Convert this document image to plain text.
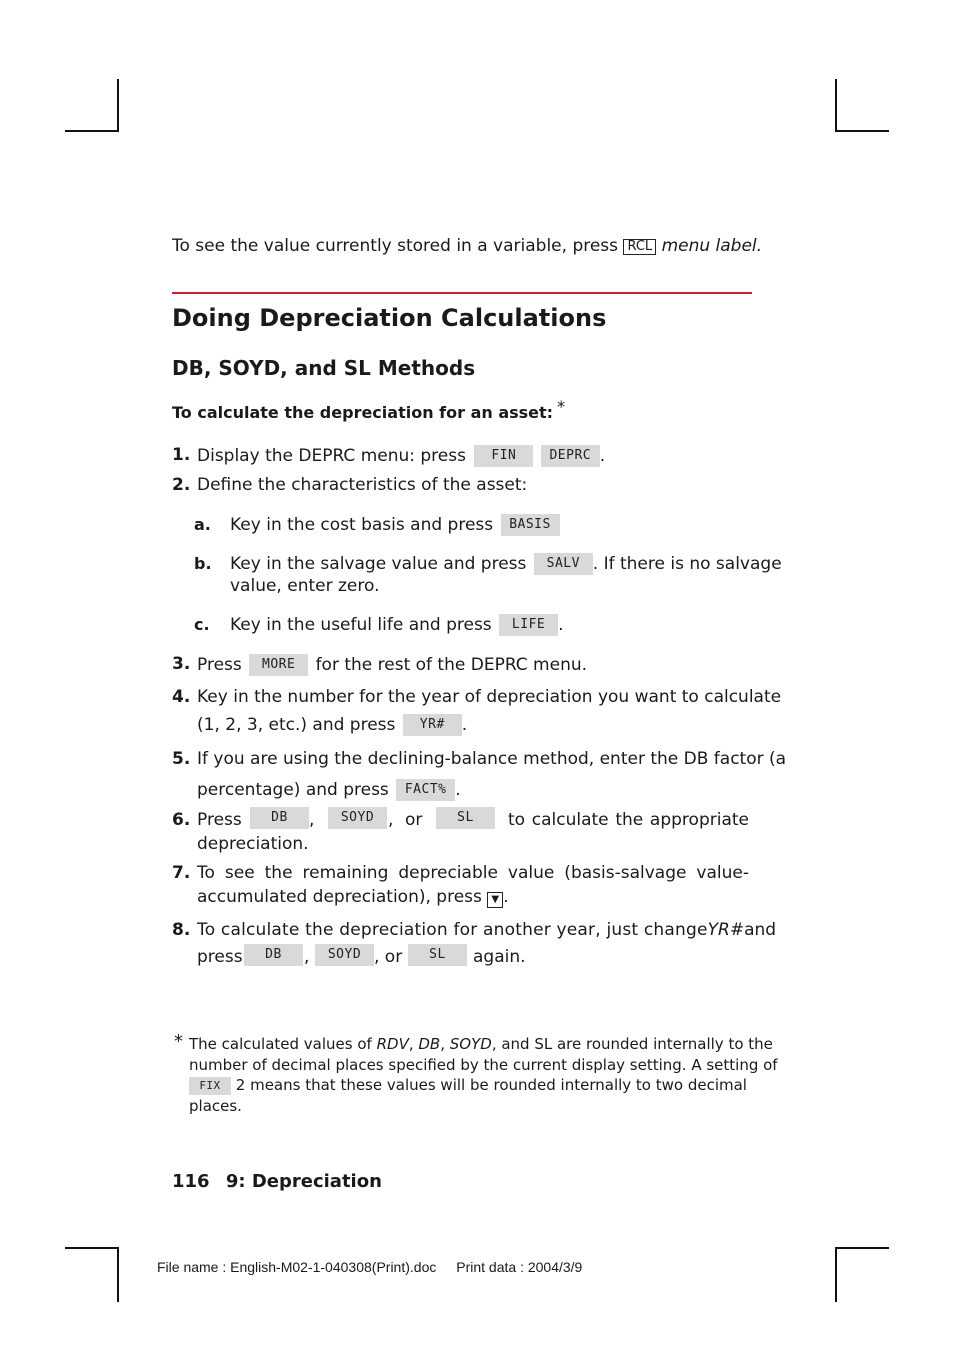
To see the value currently stored in a variable, press RCL menu label.
Doing Depreciation Calculations
DB, SOYD, and SL Methods
To calculate the depreciation for an asset: *
1. Display the DEPRC menu: press FIN	DEPRC .
2. Define the characteristics of the asset:
a. Key in the cost basis and press BASIS
b. Key in the salvage value and press SALV . If there is no salvage
value, enter zero.
c. Key in the useful life and press LIFE .
3. Press MORE for the rest of the DEPRC menu.
4. Key in the number for the year of depreciation you want to calculate
(1, 2, 3, etc.) and press YR# .
5. If you are using the declining-balance method, enter the DB factor (a
percentage) and press FACT% .
6. Press	DB	,	SOYD , or	SL	to calculate the appropriate
depreciation.
7. To see the remaining depreciable value (basis-salvage value-
accumulated depreciation), press ▼ .
8. To calculate the depreciation for another year, just change YR# and
press	DB	,	SOYD , or	SL	again.
* The calculated values of RDV, DB, SOYD, and SL are rounded internally to the
number of decimal places specified by the current display setting. A setting of
FIX 2 means that these values will be rounded internally to two decimal
places.
116 9: Depreciation
File name : English-M02-1-040308(Print).doc Print data : 2004/3/9
